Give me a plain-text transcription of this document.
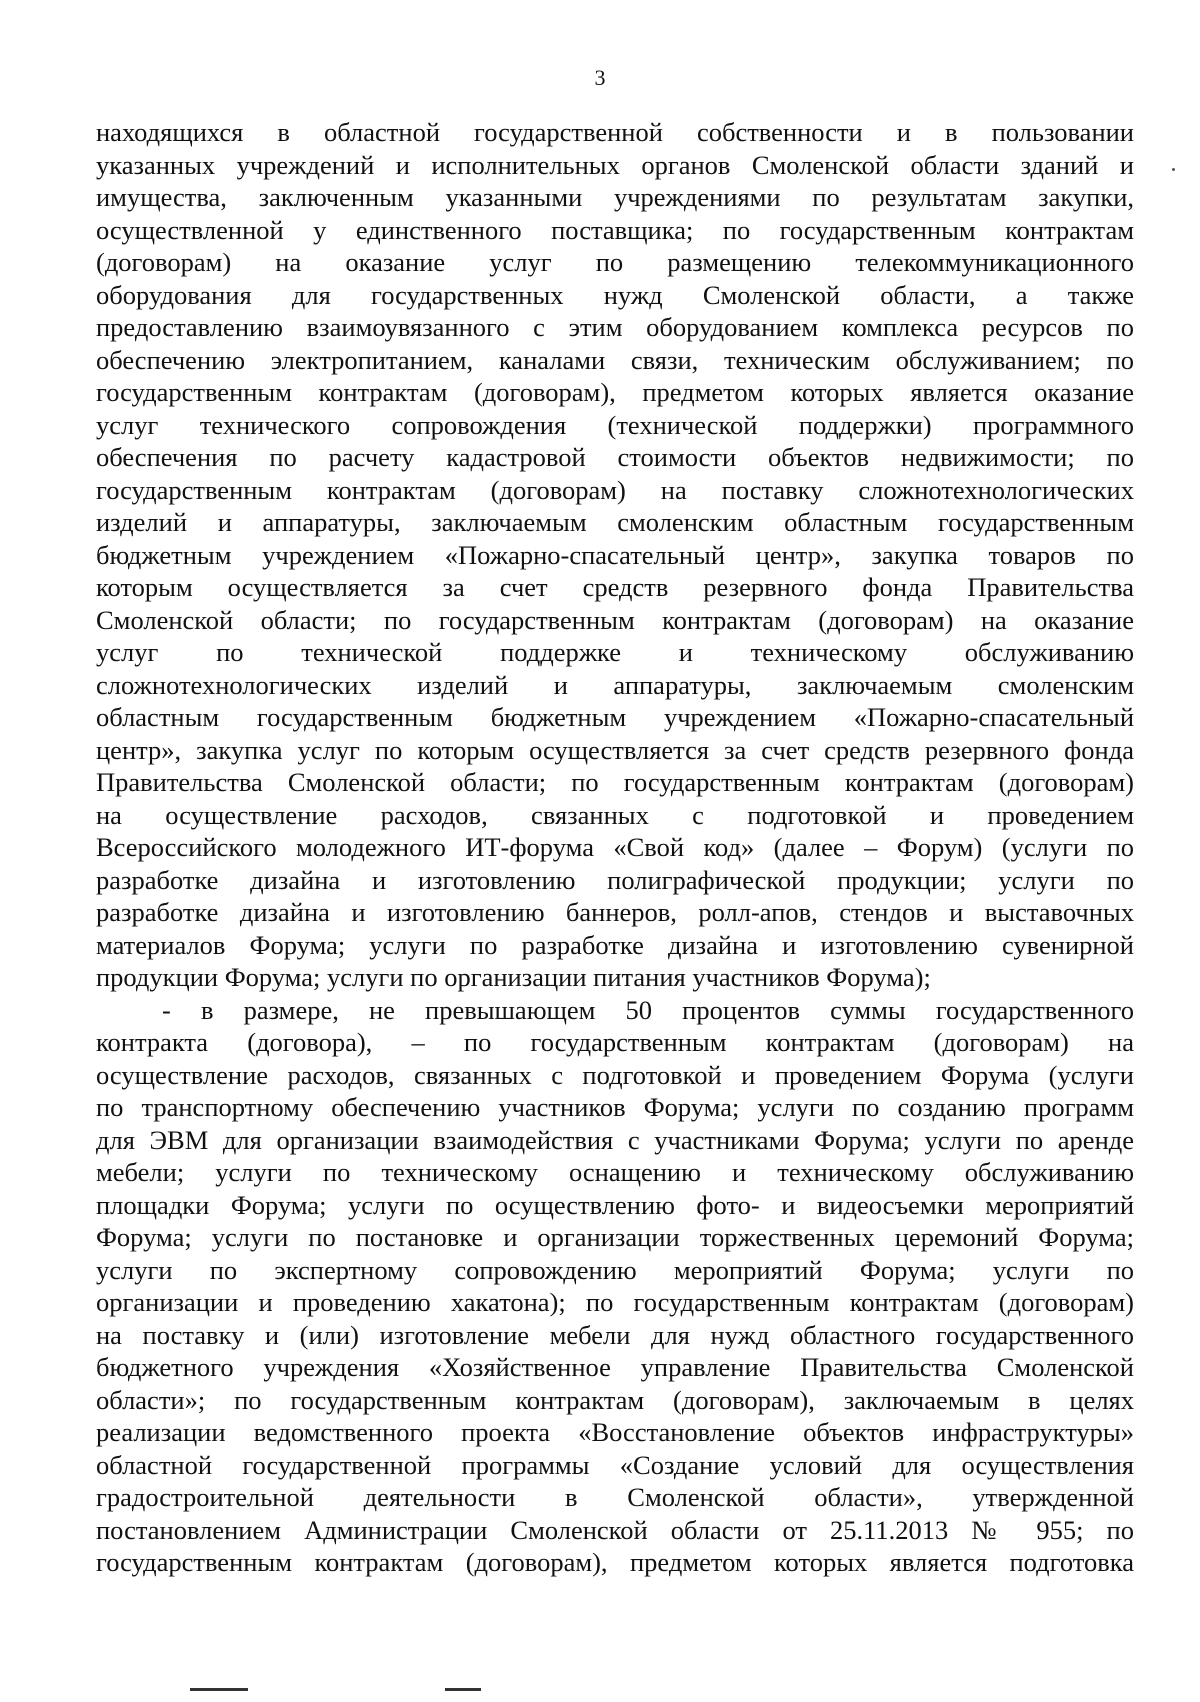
3
находящихся в областной государственной собственности и в пользовании
указанных учреждений и исполнительных органов Смоленской области зданий и
имущества, заключенным указанными учреждениями по результатам закупки,
осуществленной у единственного поставщика; по государственным контрактам
(договорам) на оказание услуг по размещению телекоммуникационного
оборудования для государственных нужд Смоленской области, а также
предоставлению взаимоувязанного с этим оборудованием комплекса ресурсов по
обеспечению электропитанием, каналами связи, техническим обслуживанием; по
государственным контрактам (договорам), предметом которых является оказание
услуг технического сопровождения (технической поддержки) программного
обеспечения по расчету кадастровой стоимости объектов недвижимости; по
государственным контрактам (договорам) на поставку сложнотехнологических
изделий и аппаратуры, заключаемым смоленским областным государственным
бюджетным учреждением «Пожарно-спасательный центр», закупка товаров по
которым осуществляется за счет средств резервного фонда Правительства
Смоленской области; по государственным контрактам (договорам) на оказание
услуг по технической поддержке и техническому обслуживанию
сложнотехнологических изделий и аппаратуры, заключаемым смоленским
областным государственным бюджетным учреждением «Пожарно-спасательный
центр», закупка услуг по которым осуществляется за счет средств резервного фонда
Правительства Смоленской области; по государственным контрактам (договорам)
на осуществление расходов, связанных с подготовкой и проведением
Всероссийского молодежного ИТ-форума «Свой код» (далее – Форум) (услуги по
разработке дизайна и изготовлению полиграфической продукции; услуги по
разработке дизайна и изготовлению баннеров, ролл-апов, стендов и выставочных
материалов Форума; услуги по разработке дизайна и изготовлению сувенирной
продукции Форума; услуги по организации питания участников Форума);
- в размере, не превышающем 50 процентов суммы государственного
контракта (договора), – по государственным контрактам (договорам) на
осуществление расходов, связанных с подготовкой и проведением Форума (услуги
по транспортному обеспечению участников Форума; услуги по созданию программ
для ЭВМ для организации взаимодействия с участниками Форума; услуги по аренде
мебели; услуги по техническому оснащению и техническому обслуживанию
площадки Форума; услуги по осуществлению фото- и видеосъемки мероприятий
Форума; услуги по постановке и организации торжественных церемоний Форума;
услуги по экспертному сопровождению мероприятий Форума; услуги по
организации и проведению хакатона); по государственным контрактам (договорам)
на поставку и (или) изготовление мебели для нужд областного государственного
бюджетного учреждения «Хозяйственное управление Правительства Смоленской
области»; по государственным контрактам (договорам), заключаемым в целях
реализации ведомственного проекта «Восстановление объектов инфраструктуры»
областной государственной программы «Создание условий для осуществления
градостроительной деятельности в Смоленской области», утвержденной
постановлением Администрации Смоленской области от 25.11.2013 № 955; по
государственным контрактам (договорам), предметом которых является подготовка
